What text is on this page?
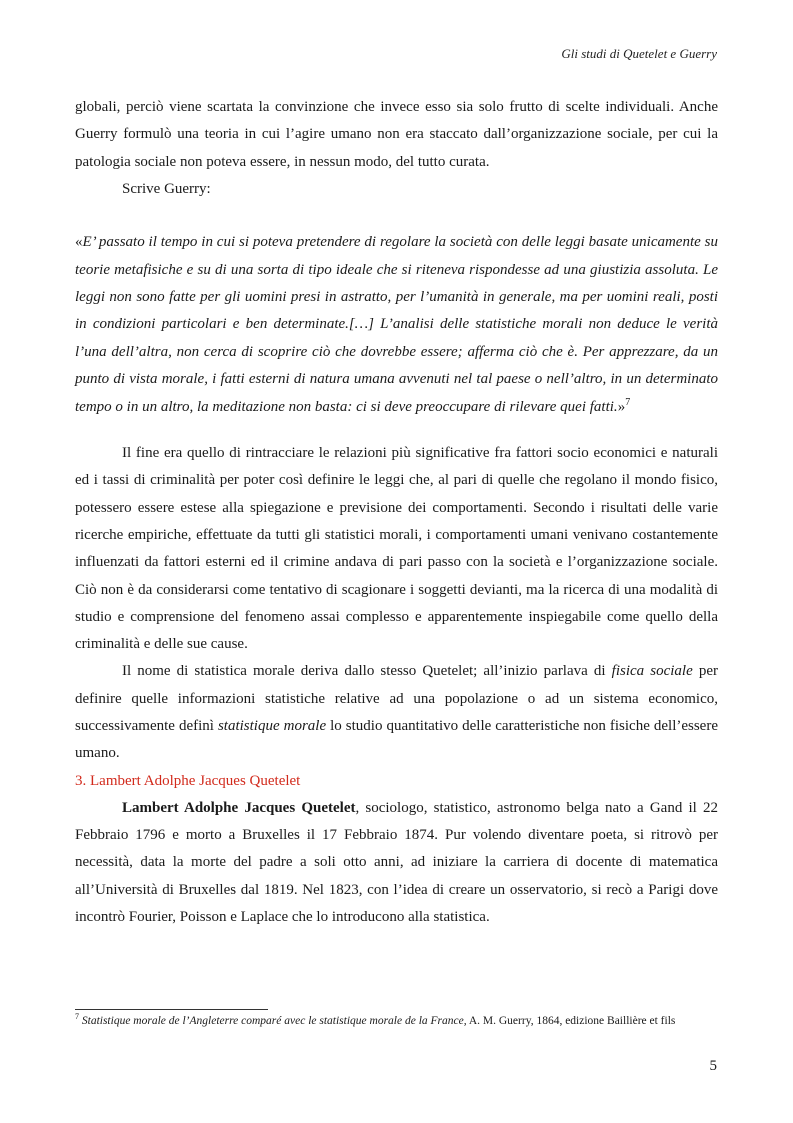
Gli studi di Quetelet e Guerry

globali, perciò viene scartata la convinzione che invece esso sia solo frutto di scelte individuali. Anche Guerry formulò una teoria in cui l’agire umano non era staccato dall’organizzazione sociale, per cui la patologia sociale non poteva essere, in nessun modo, del tutto curata.

Scrive Guerry:

«E’ passato il tempo in cui si poteva pretendere di regolare la società con delle leggi basate unicamente su teorie metafisiche e su di una sorta di tipo ideale che si riteneva rispondesse ad una giustizia assoluta. Le leggi non sono fatte per gli uomini presi in astratto, per l’umanità in generale, ma per uomini reali, posti in condizioni particolari e ben determinate.[…] L’analisi delle statistiche morali non deduce le verità l’una dell’altra, non cerca di scoprire ciò che dovrebbe essere; afferma ciò che è. Per apprezzare, da un punto di vista morale, i fatti esterni di natura umana avvenuti nel tal paese o nell’altro, in un determinato tempo o in un altro, la meditazione non basta: ci si deve preoccupare di rilevare quei fatti.»$^7$

Il fine era quello di rintracciare le relazioni più significative fra fattori socio economici e naturali ed i tassi di criminalità per poter così definire le leggi che, al pari di quelle che regolano il mondo fisico, potessero essere estese alla spiegazione e previsione dei comportamenti. Secondo i risultati delle varie ricerche empiriche, effettuate da tutti gli statistici morali, i comportamenti umani venivano costantemente influenzati da fattori esterni ed il crimine andava di pari passo con la società e l’organizzazione sociale. Ciò non è da considerarsi come tentativo di scagionare i soggetti devianti, ma la ricerca di una modalità di studio e comprensione del fenomeno assai complesso e apparentemente inspiegabile come quello della criminalità e delle sue cause.

Il nome di statistica morale deriva dallo stesso Quetelet; all’inizio parlava di fisica sociale per definire quelle informazioni statistiche relative ad una popolazione o ad un sistema economico, successivamente definì statistique morale lo studio quantitativo delle caratteristiche non fisiche dell’essere umano.

3. Lambert Adolphe Jacques Quetelet

Lambert Adolphe Jacques Quetelet, sociologo, statistico, astronomo belga nato a Gand il 22 Febbraio 1796 e morto a Bruxelles il 17 Febbraio 1874. Pur volendo diventare poeta, si ritrovò per necessità, data la morte del padre a soli otto anni, ad iniziare la carriera di docente di matematica all’Università di Bruxelles dal 1819. Nel 1823, con l’idea di creare un osservatorio, si recò a Parigi dove incontrò Fourier, Poisson e Laplace che lo introducono alla statistica.

$^7$ Statistique morale de l’Angleterre comparé avec le statistique morale de la France, A. M. Guerry, 1864, edizione Baillière et fils
5
